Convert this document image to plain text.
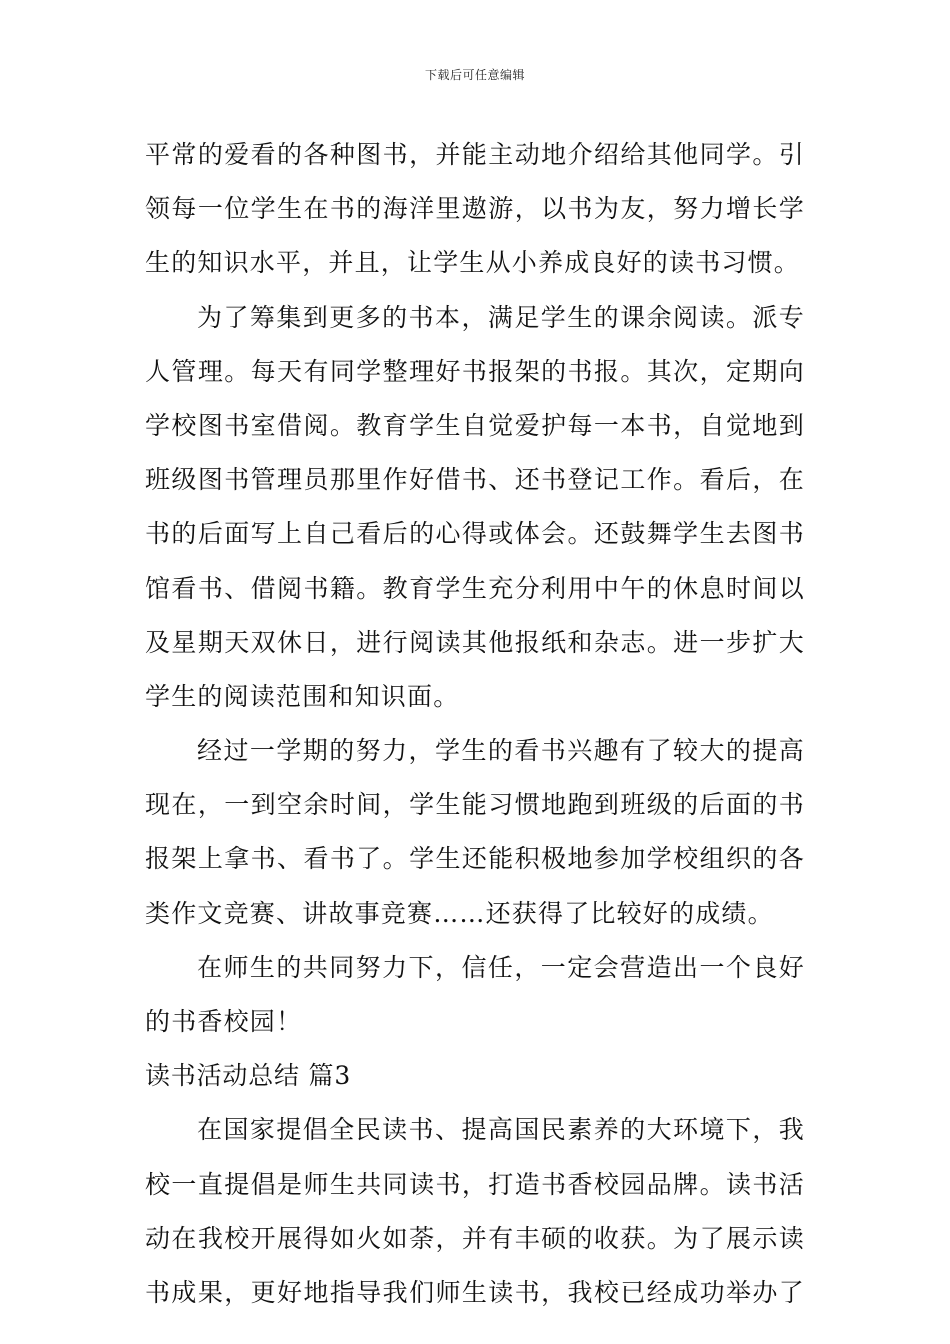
下载后可任意编辑
平常的爱看的各种图书，并能主动地介绍给其他同学。引
领每一位学生在书的海洋里遨游，以书为友，努力增长学
生的知识水平，并且，让学生从小养成良好的读书习惯。
为了筹集到更多的书本，满足学生的课余阅读。派专
人管理。每天有同学整理好书报架的书报。其次，定期向
学校图书室借阅。教育学生自觉爱护每一本书，自觉地到
班级图书管理员那里作好借书、还书登记工作。看后，在
书的后面写上自己看后的心得或体会。还鼓舞学生去图书
馆看书、借阅书籍。教育学生充分利用中午的休息时间以
及星期天双休日，进行阅读其他报纸和杂志。进一步扩大
学生的阅读范围和知识面。
经过一学期的努力，学生的看书兴趣有了较大的提高
现在，一到空余时间，学生能习惯地跑到班级的后面的书
报架上拿书、看书了。学生还能积极地参加学校组织的各
类作文竞赛、讲故事竞赛……还获得了比较好的成绩。
在师生的共同努力下，信任，一定会营造出一个良好
的书香校园！
读书活动总结 篇3
在国家提倡全民读书、提高国民素养的大环境下，我
校一直提倡是师生共同读书，打造书香校园品牌。读书活
动在我校开展得如火如荼，并有丰硕的收获。为了展示读
书成果，更好地指导我们师生读书，我校已经成功举办了
